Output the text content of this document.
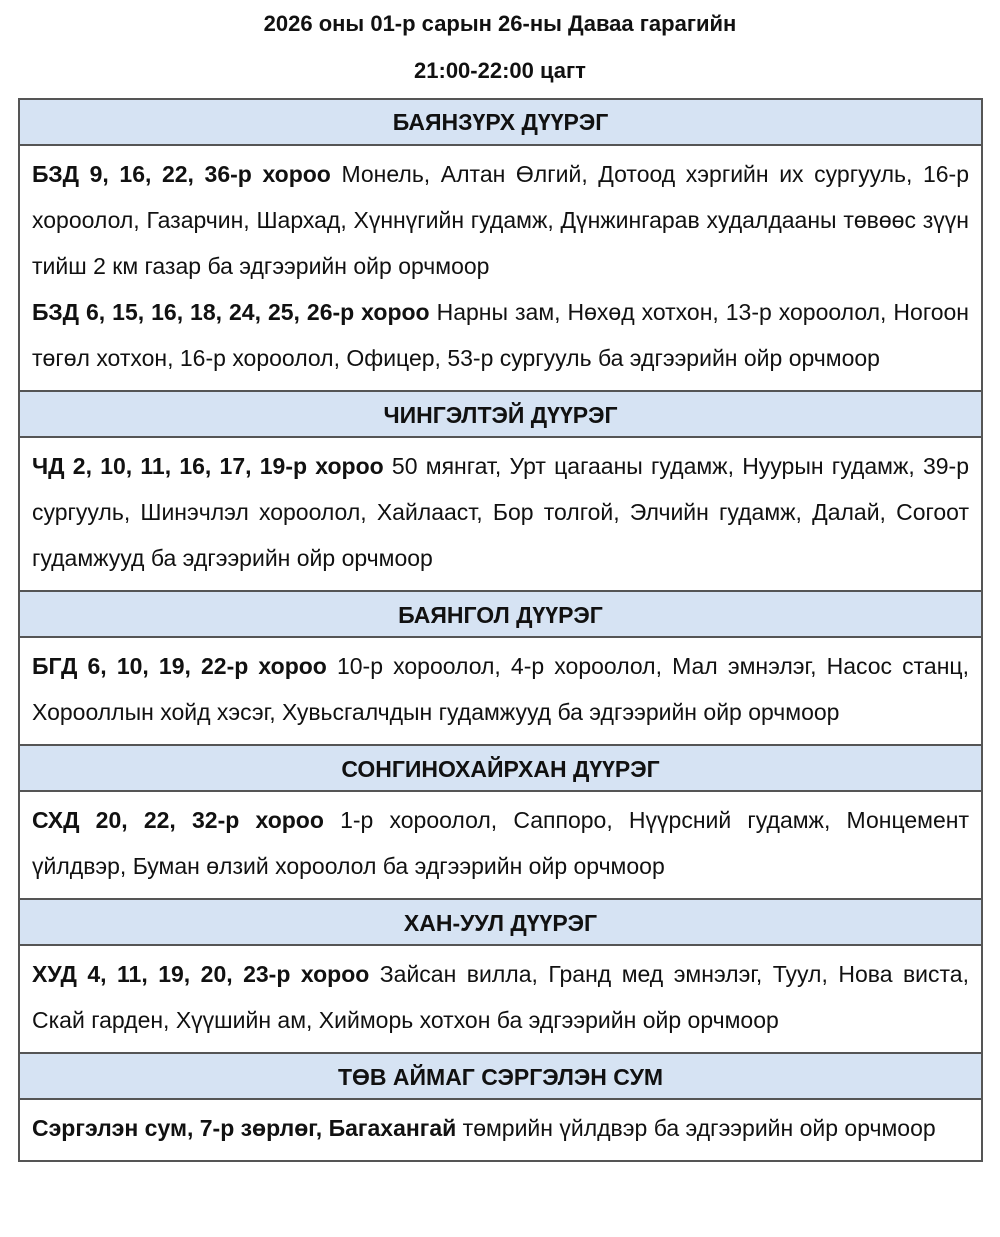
2026 оны 01-р сарын 26-ны Даваа гарагийн
21:00-22:00 цагт
БАЯНЗҮРХ ДҮҮРЭГ

БЗД 9, 16, 22, 36-р хороо Монель, Алтан Өлгий, Дотоод хэргийн их сургууль, 16-р хороолол, Газарчин, Шархад, Хүннүгийн гудамж, Дүнжингарав худалдааны төвөөс зүүн тийш 2 км газар ба эдгээрийн ойр орчмоор

БЗД 6, 15, 16, 18, 24, 25, 26-р хороо Нарны зам, Нөхөд хотхон, 13-р хороолол, Ногоон төгөл хотхон, 16-р хороолол, Офицер, 53-р сургууль ба эдгээрийн ойр орчмоор

ЧИНГЭЛТЭЙ ДҮҮРЭГ

ЧД 2, 10, 11, 16, 17, 19-р хороо 50 мянгат, Урт цагааны гудамж, Нуурын гудамж, 39-р сургууль, Шинэчлэл хороолол, Хайлааст, Бор толгой, Элчийн гудамж, Далай, Согоот гудамжууд ба эдгээрийн ойр орчмоор

БАЯНГОЛ ДҮҮРЭГ

БГД 6, 10, 19, 22-р хороо 10-р хороолол, 4-р хороолол, Мал эмнэлэг, Насос станц, Хорооллын хойд хэсэг, Хувьсгалчдын гудамжууд ба эдгээрийн ойр орчмоор

СОНГИНОХАЙРХАН ДҮҮРЭГ

СХД 20, 22, 32-р хороо 1-р хороолол, Саппоро, Нүүрсний гудамж, Монцемент үйлдвэр, Буман өлзий хороолол ба эдгээрийн ойр орчмоор

ХАН-УУЛ ДҮҮРЭГ

ХУД 4, 11, 19, 20, 23-р хороо Зайсан вилла, Гранд мед эмнэлэг, Туул, Нова виста, Скай гарден, Хүүшийн ам, Хийморь хотхон ба эдгээрийн ойр орчмоор

ТӨВ АЙМАГ СЭРГЭЛЭН СУМ

Сэргэлэн сум, 7-р зөрлөг, Багахангай төмрийн үйлдвэр ба эдгээрийн ойр орчмоор
